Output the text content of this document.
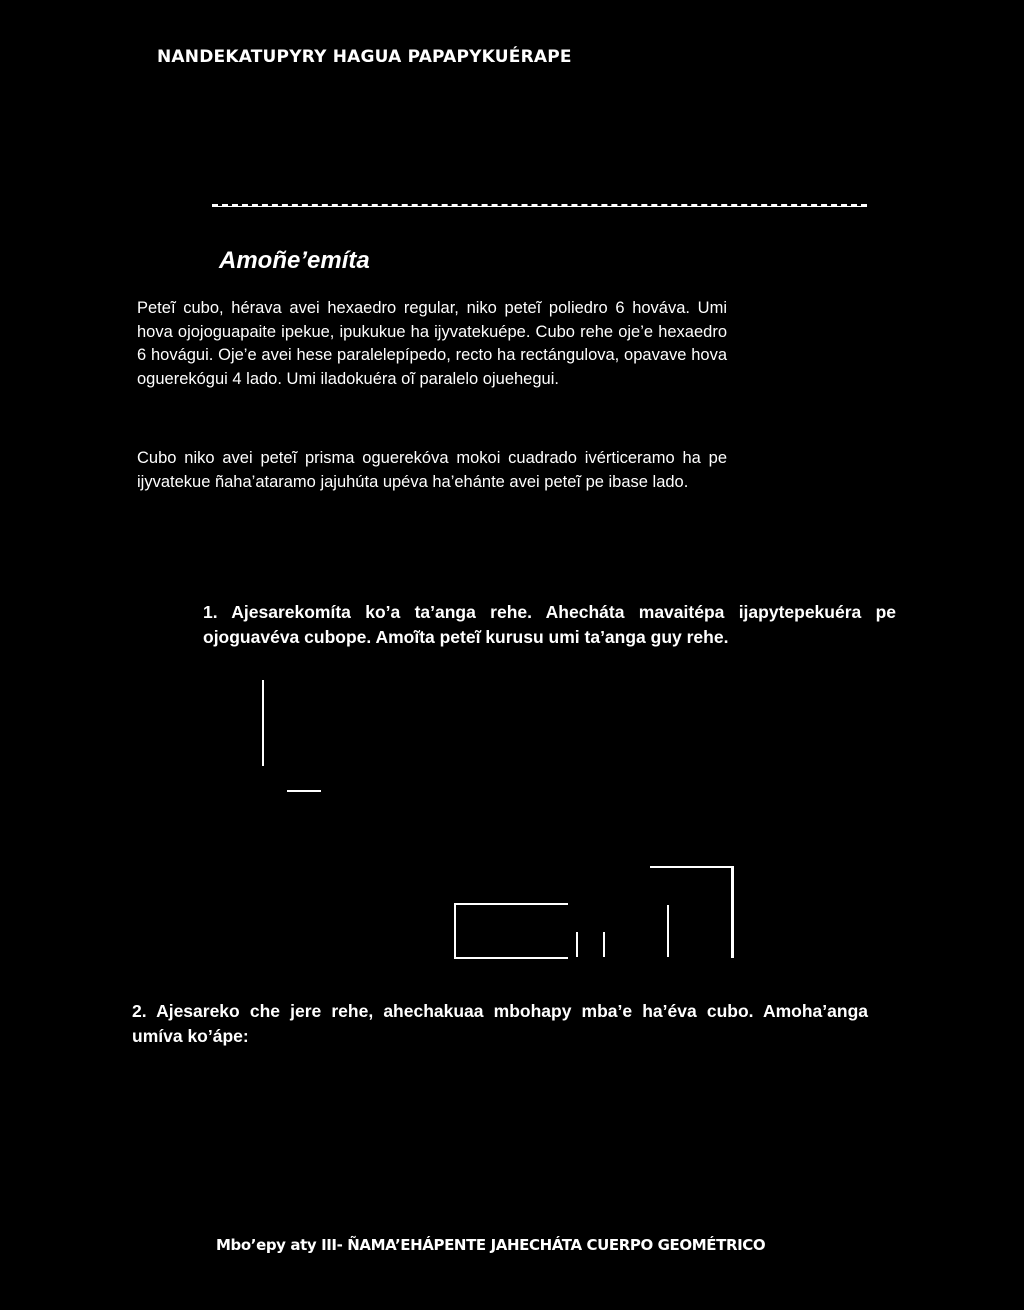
NANDEKATUPYRY HAGUA PAPAPYKUÉRAPE
Amoñe’emíta

Peteĩ cubo, hérava avei hexaedro regular, niko peteĩ poliedro 6 hováva. Umi hova ojojoguapaite ipekue, ipukukue ha ijyvatekuépe. Cubo rehe oje’e hexaedro 6 hovágui. Oje’e avei hese paralelepípedo, recto ha rectángulova, opavave hova oguerekógui 4 lado. Umi iladokuéra oĩ paralelo ojuehegui.

Cubo niko avei peteĩ prisma oguerekóva mokoi cuadrado ivérticeramo ha pe ijyvatekue ñaha’ataramo jajuhúta upéva ha’ehánte avei peteĩ pe ibase lado.

1. Ajesarekomíta ko’a ta’anga rehe. Ahecháta mavaitépa ijapytepekuéra pe ojoguavéva cubope. Amoĩta peteĩ kurusu umi ta’anga guy rehe.

2. Ajesareko che jere rehe, ahechakuaa mbohapy mba’e ha’éva cubo. Amoha’anga umíva ko’ápe:

Mbo’epy aty III- ÑAMA’EHÁPENTE JAHECHÁTA CUERPO GEOMÉTRICO
